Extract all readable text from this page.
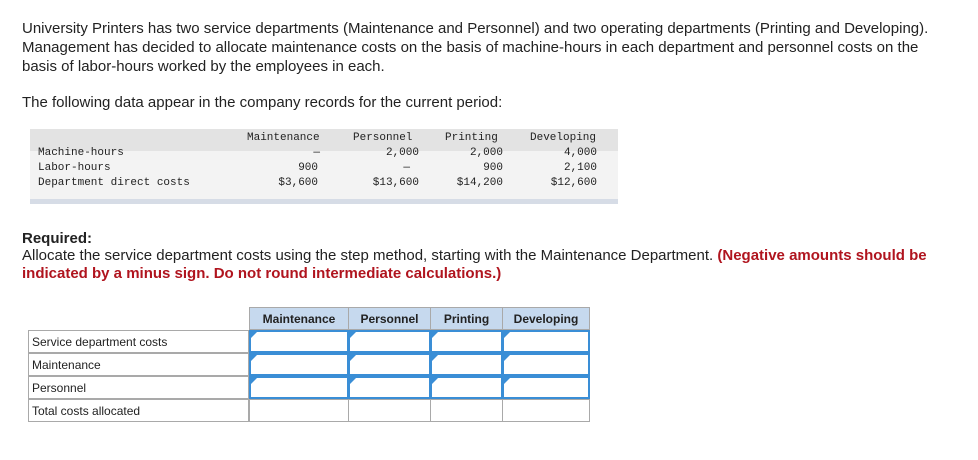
University Printers has two service departments (Maintenance and Personnel) and two operating departments (Printing and Developing). Management has decided to allocate maintenance costs on the basis of machine-hours in each department and personnel costs on the basis of labor-hours worked by the employees in each.

The following data appear in the company records for the current period:

Maintenance	Personnel	Printing	Developing
Machine-hours	—	2,000	2,000	4,000
Labor-hours	900	—	900	2,100
Department direct costs	$3,600	$13,600	$14,200	$12,600

Required:

Allocate the service department costs using the step method, starting with the Maintenance Department. (Negative amounts should be indicated by a minus sign. Do not round intermediate calculations.)

Maintenance	Personnel	Printing	Developing
Service department costs
Maintenance
Personnel
Total costs allocated
